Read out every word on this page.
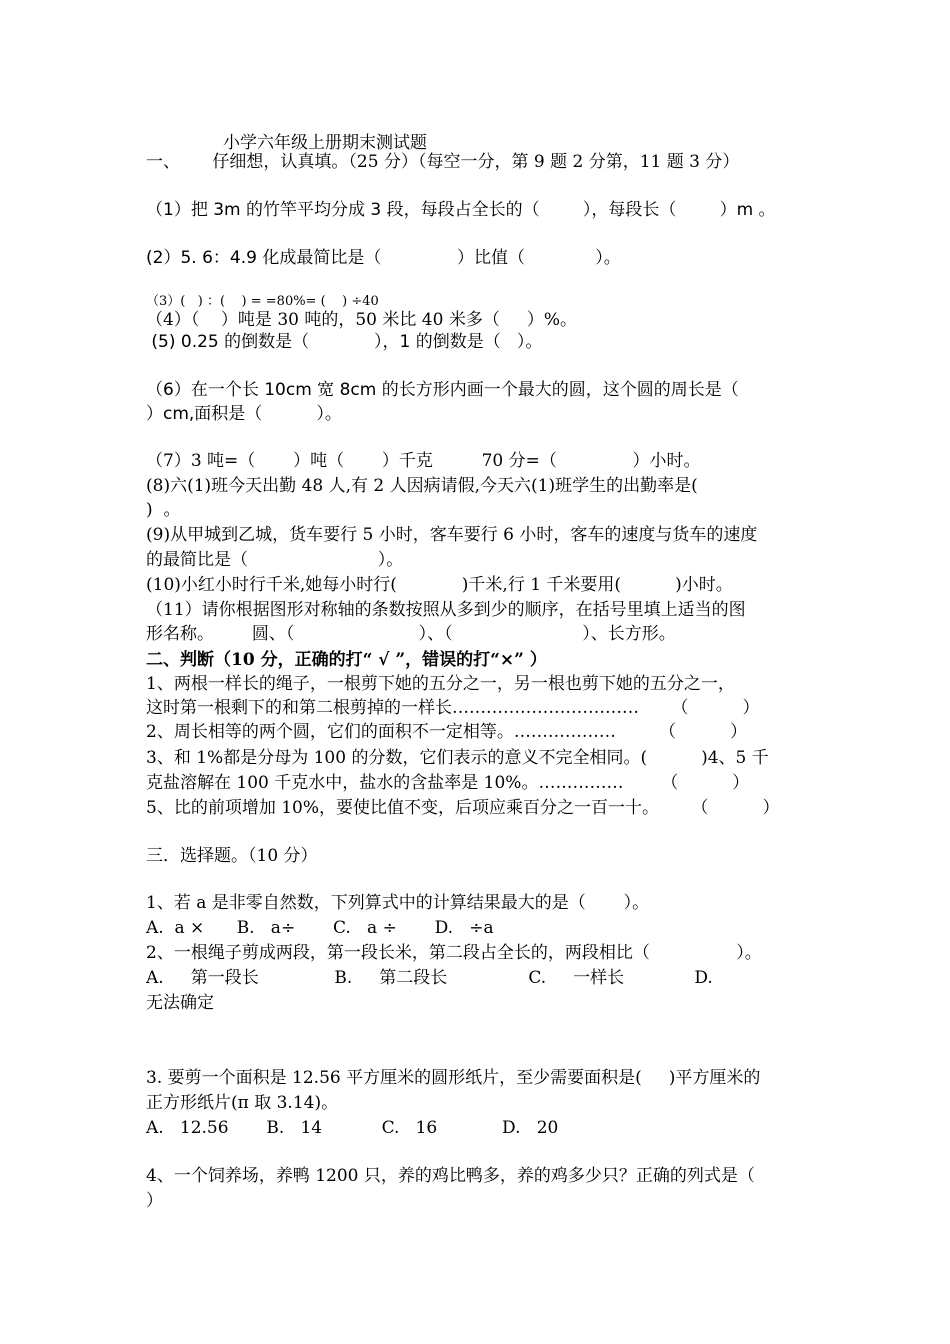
小学六年级上册期末测试题
一、      仔细想，认真填。（25 分）（每空一分，第 9 题 2 分第，11 题 3 分）
（1）把 3m 的竹竿平均分成 3 段，每段占全长的（        ），每段长（        ）m 。
(2）5. 6：4.9 化成最简比是（              ）比值（             ）。
（3）(   ) ：(    ) = =80%= (    ) ÷40
（4）（    ）吨是 30 吨的，50 米比 40 米多（     ）%。
(5) 0.25 的倒数是（            ），1 的倒数是（   ）。
（6）在一个长 10cm 宽 8cm 的长方形内画一个最大的圆，这个圆的周长是（
）cm,面积是（          ）。
（7）3 吨=（       ）吨（       ）千克         70 分=（              ）小时。
(8)六(1)班今天出勤 48 人,有 2 人因病请假,今天六(1)班学生的出勤率是(
)  。
(9)从甲城到乙城，货车要行 5 小时，客车要行 6 小时，客车的速度与货车的速度
的最简比是（                        ）。
(10)小红小时行千米,她每小时行(            )千米,行 1 千米要用(          )小时。
（11）请你根据图形对称轴的条数按照从多到少的顺序，在括号里填上适当的图
形名称。       圆、（                       ）、（                        ）、长方形。
二、判断（10 分，正确的打“ √ ”，错误的打“×” ）
1、两根一样长的绳子，一根剪下她的五分之一，另一根也剪下她的五分之一，
这时第一根剩下的和第二根剪掉的一样长……………………………      （          ）
2、周长相等的两个圆，它们的面积不一定相等。………………        （          ）
3、和 1%都是分母为 100 的分数，它们表示的意义不完全相同。(          )4、5 千
克盐溶解在 100 千克水中，盐水的含盐率是 10%。……………       （          ）
5、比的前项增加 10%，要使比值不变，后项应乘百分之一百一十。      （          ）
三．选择题。（10 分）
1、若 a 是非零自然数，下列算式中的计算结果最大的是（       ）。
A.  a ×      B.   a÷       C.   a ÷       D.   ÷a
2、一根绳子剪成两段，第一段长米，第二段占全长的，两段相比（                ）。
A.     第一段长              B.     第二段长               C.     一样长             D.
无法确定
3. 要剪一个面积是 12.56 平方厘米的圆形纸片，至少需要面积是(     )平方厘米的
正方形纸片(π 取 3.14)。
A.   12.56       B.   14           C.   16            D.   20
4、一个饲养场，养鸭 1200 只，养的鸡比鸭多，养的鸡多少只？正确的列式是（
）
